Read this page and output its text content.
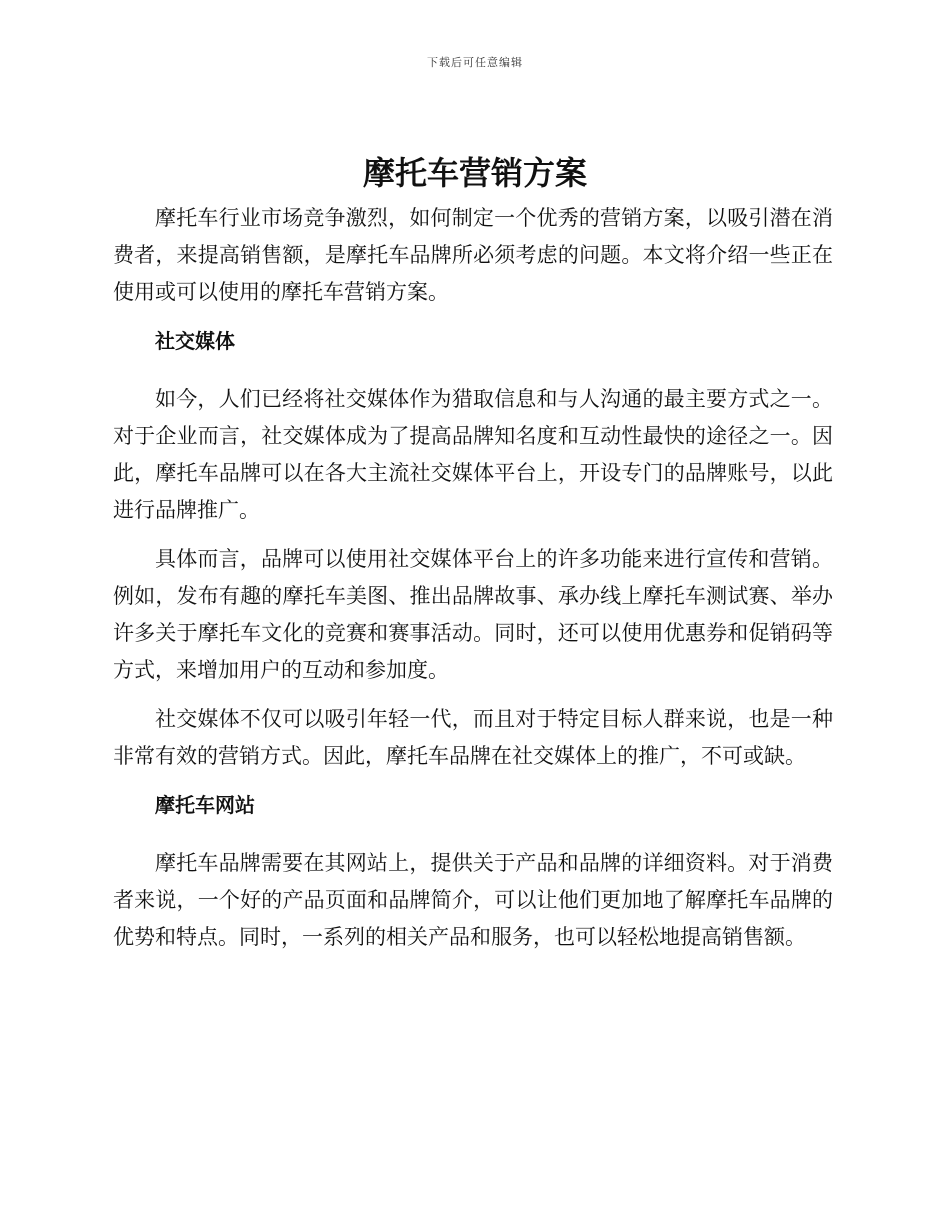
下载后可任意编辑
摩托车营销方案

摩托车行业市场竞争激烈，如何制定一个优秀的营销方案，以吸引潜在消费者，来提高销售额，是摩托车品牌所必须考虑的问题。本文将介绍一些正在使用或可以使用的摩托车营销方案。

社交媒体

如今，人们已经将社交媒体作为猎取信息和与人沟通的最主要方式之一。对于企业而言，社交媒体成为了提高品牌知名度和互动性最快的途径之一。因此，摩托车品牌可以在各大主流社交媒体平台上，开设专门的品牌账号，以此进行品牌推广。

具体而言，品牌可以使用社交媒体平台上的许多功能来进行宣传和营销。例如，发布有趣的摩托车美图、推出品牌故事、承办线上摩托车测试赛、举办许多关于摩托车文化的竞赛和赛事活动。同时，还可以使用优惠券和促销码等方式，来增加用户的互动和参加度。

社交媒体不仅可以吸引年轻一代，而且对于特定目标人群来说，也是一种非常有效的营销方式。因此，摩托车品牌在社交媒体上的推广，不可或缺。

摩托车网站

摩托车品牌需要在其网站上，提供关于产品和品牌的详细资料。对于消费者来说，一个好的产品页面和品牌简介，可以让他们更加地了解摩托车品牌的优势和特点。同时，一系列的相关产品和服务，也可以轻松地提高销售额。
